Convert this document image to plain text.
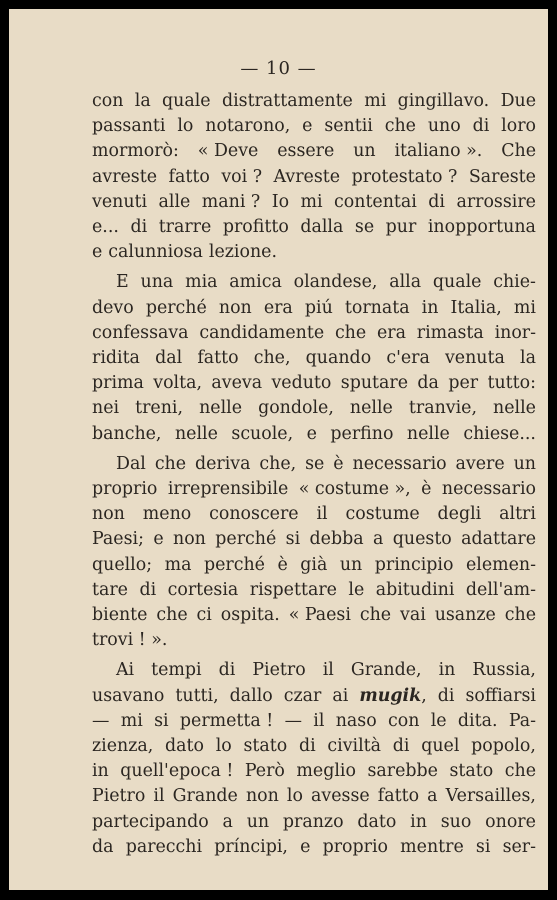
— 10 —
con la quale distrattamente mi gingillavo. Due
passanti lo notarono, e sentii che uno di loro
mormorò: « Deve essere un italiano ». Che
avreste fatto voi ? Avreste protestato ? Sareste
venuti alle mani ? Io mi contentai di arrossire
e... di trarre profitto dalla se pur inopportuna
e calunniosa lezione.
E una mia amica olandese, alla quale chie-
devo perché non era piú tornata in Italia, mi
confessava candidamente che era rimasta inor-
ridita dal fatto che, quando c'era venuta la
prima volta, aveva veduto sputare da per tutto:
nei treni, nelle gondole, nelle tranvie, nelle
banche, nelle scuole, e perfino nelle chiese...
Dal che deriva che, se è necessario avere un
proprio irreprensibile « costume », è necessario
non meno conoscere il costume degli altri
Paesi; e non perché si debba a questo adattare
quello; ma perché è già un principio elemen-
tare di cortesia rispettare le abitudini dell'am-
biente che ci ospita. « Paesi che vai usanze che
trovi ! ».
Ai tempi di Pietro il Grande, in Russia,
usavano tutti, dallo czar ai mugik, di soffiarsi
— mi si permetta ! — il naso con le dita. Pa-
zienza, dato lo stato di civiltà di quel popolo,
in quell'epoca ! Però meglio sarebbe stato che
Pietro il Grande non lo avesse fatto a Versailles,
partecipando a un pranzo dato in suo onore
da parecchi príncipi, e proprio mentre si ser-
